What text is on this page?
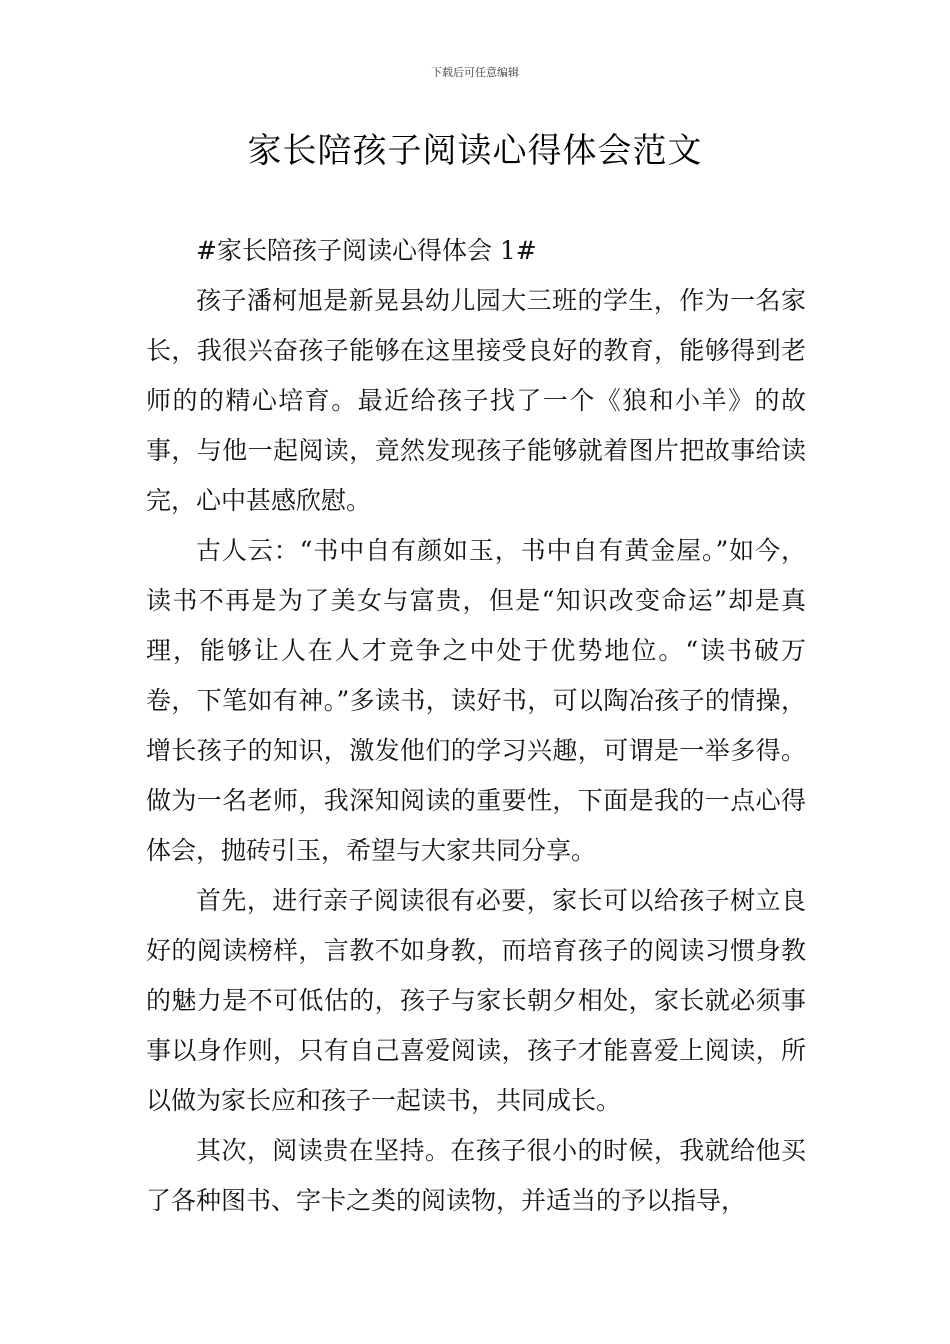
下载后可任意编辑
家长陪孩子阅读心得体会范文

#家长陪孩子阅读心得体会 1#

孩子潘柯旭是新晃县幼儿园大三班的学生，作为一名家长，我很兴奋孩子能够在这里接受良好的教育，能够得到老师的的精心培育。最近给孩子找了一个《狼和小羊》的故事，与他一起阅读，竟然发现孩子能够就着图片把故事给读完，心中甚感欣慰。

古人云：“书中自有颜如玉，书中自有黄金屋。”如今，读书不再是为了美女与富贵，但是“知识改变命运”却是真理，能够让人在人才竞争之中处于优势地位。“读书破万卷，下笔如有神。”多读书，读好书，可以陶冶孩子的情操，增长孩子的知识，激发他们的学习兴趣，可谓是一举多得。做为一名老师，我深知阅读的重要性，下面是我的一点心得体会，抛砖引玉，希望与大家共同分享。

首先，进行亲子阅读很有必要，家长可以给孩子树立良好的阅读榜样，言教不如身教，而培育孩子的阅读习惯身教的魅力是不可低估的，孩子与家长朝夕相处，家长就必须事事以身作则，只有自己喜爱阅读，孩子才能喜爱上阅读，所以做为家长应和孩子一起读书，共同成长。

其次，阅读贵在坚持。在孩子很小的时候，我就给他买了各种图书、字卡之类的阅读物，并适当的予以指导，
